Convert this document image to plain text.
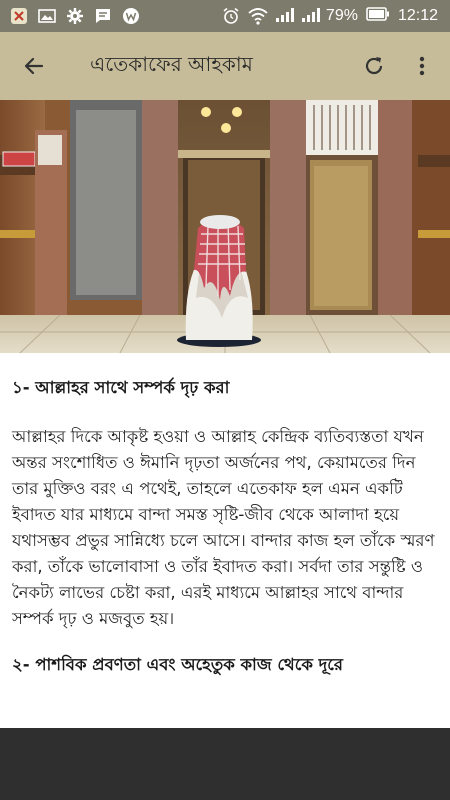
79%	12:12
এতেকাফের আহকাম
১- আল্লাহর সাথে সম্পর্ক দৃঢ় করা

আল্লাহর দিকে আকৃষ্ট হওয়া ও আল্লাহ কেন্দ্রিক ব্যতিব্যস্ততা যখন অন্তর সংশোধিত ও ঈমানি দৃঢ়তা অর্জনের পথ, কেয়ামতের দিন তার মুক্তিও বরং এ পথেই, তাহলে এতেকাফ হল এমন একটি ইবাদত যার মাধ্যমে বান্দা সমস্ত সৃষ্টি-জীব থেকে আলাদা হয়ে যথাসম্ভব প্রভুর সান্নিধ্যে চলে আসে। বান্দার কাজ হল তাঁকে স্মরণ করা, তাঁকে ভালোবাসা ও তাঁর ইবাদত করা। সর্বদা তার সন্তুষ্টি ও নৈকট্য লাভের চেষ্টা করা, এরই মাধ্যমে আল্লাহর সাথে বান্দার সম্পর্ক দৃঢ় ও মজবুত হয়।

২- পাশবিক প্রবণতা এবং অহেতুক কাজ থেকে দূরে
